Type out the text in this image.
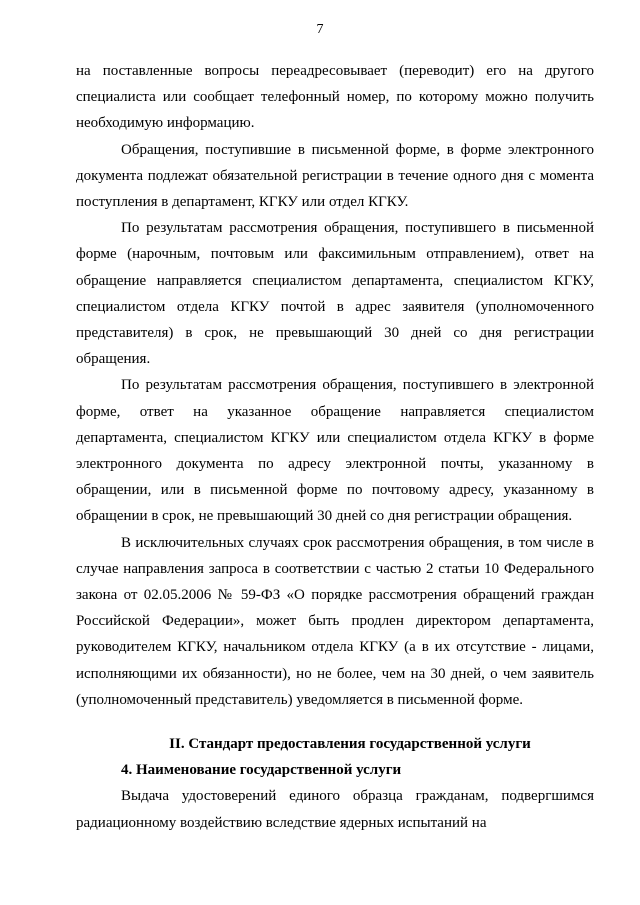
7

на поставленные вопросы переадресовывает (переводит) его на другого специалиста или сообщает телефонный номер, по которому можно получить необходимую информацию.

Обращения, поступившие в письменной форме, в форме электронного документа подлежат обязательной регистрации в течение одного дня с момента поступления в департамент, КГКУ или отдел КГКУ.

По результатам рассмотрения обращения, поступившего в письменной форме (нарочным, почтовым или факсимильным отправлением), ответ на обращение направляется специалистом департамента, специалистом КГКУ, специалистом отдела КГКУ почтой в адрес заявителя (уполномоченного представителя) в срок, не превышающий 30 дней со дня регистрации обращения.

По результатам рассмотрения обращения, поступившего в электронной форме, ответ на указанное обращение направляется специалистом департамента, специалистом КГКУ или специалистом отдела КГКУ в форме электронного документа по адресу электронной почты, указанному в обращении, или в письменной форме по почтовому адресу, указанному в обращении в срок, не превышающий 30 дней со дня регистрации обращения.

В исключительных случаях срок рассмотрения обращения, в том числе в случае направления запроса в соответствии с частью 2 статьи 10 Федерального закона от 02.05.2006 № 59-ФЗ «О порядке рассмотрения обращений граждан Российской Федерации», может быть продлен директором департамента, руководителем КГКУ, начальником отдела КГКУ (а в их отсутствие - лицами, исполняющими их обязанности), но не более, чем на 30 дней, о чем заявитель (уполномоченный представитель) уведомляется в письменной форме.

II. Стандарт предоставления государственной услуги

4. Наименование государственной услуги

Выдача удостоверений единого образца гражданам, подвергшимся радиационному воздействию вследствие ядерных испытаний на
